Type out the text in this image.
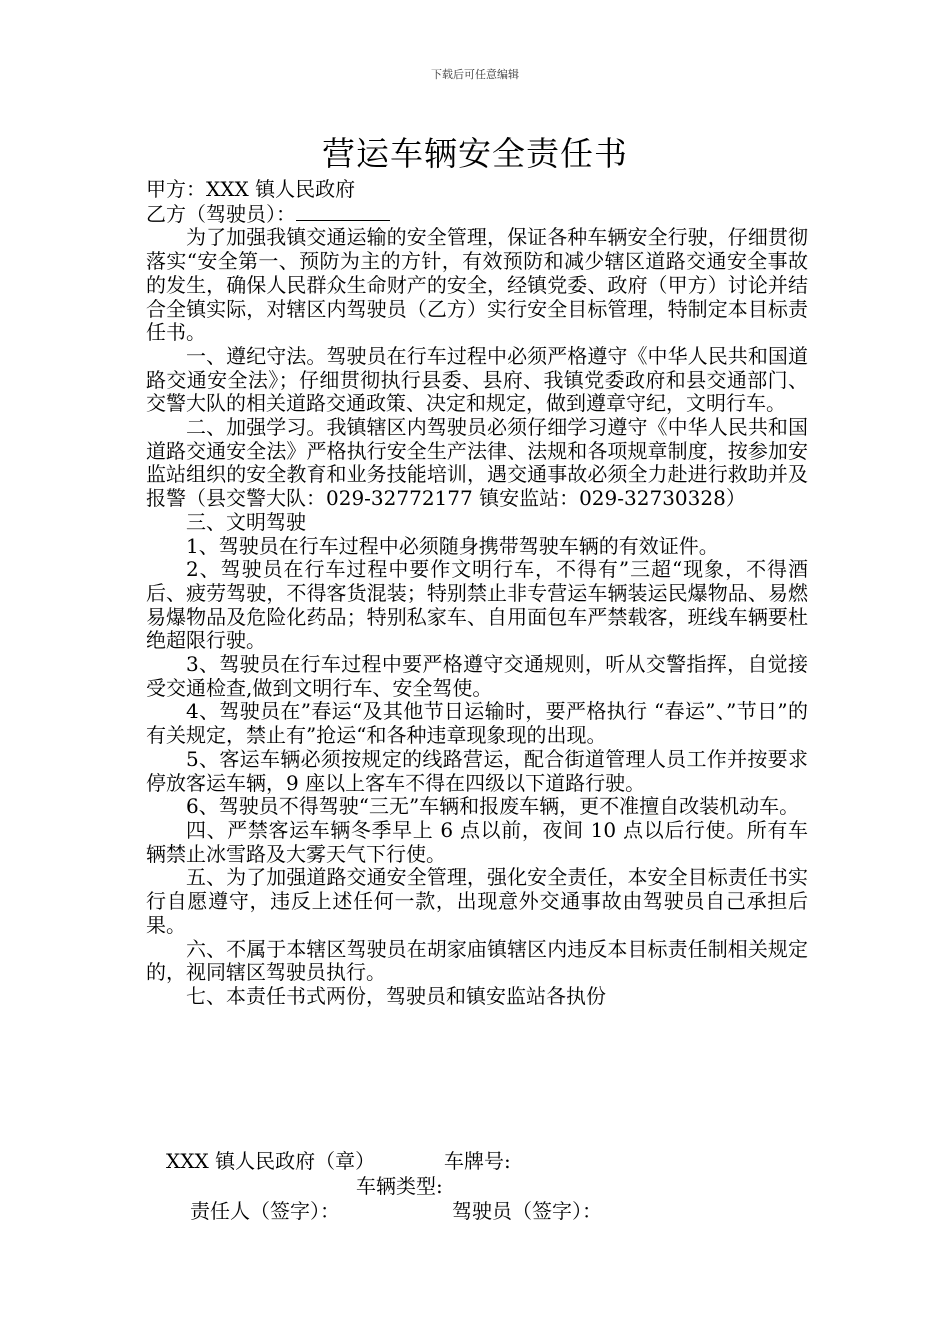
下载后可任意编辑
营运车辆安全责任书
甲方：XXX 镇人民政府
乙方（驾驶员）：

为了加强我镇交通运输的安全管理，保证各种车辆安全行驶，仔细贯彻落实“安全第一、预防为主的方针，有效预防和减少辖区道路交通安全事故的发生，确保人民群众生命财产的安全，经镇党委、政府（甲方）讨论并结合全镇实际，对辖区内驾驶员（乙方）实行安全目标管理，特制定本目标责任书。

一、遵纪守法。驾驶员在行车过程中必须严格遵守《中华人民共和国道路交通安全法》；仔细贯彻执行县委、县府、我镇党委政府和县交通部门、交警大队的相关道路交通政策、决定和规定，做到遵章守纪，文明行车。

二、加强学习。我镇辖区内驾驶员必须仔细学习遵守《中华人民共和国道路交通安全法》严格执行安全生产法律、法规和各项规章制度，按参加安监站组织的安全教育和业务技能培训，遇交通事故必须全力赴进行救助并及报警（县交警大队：029-32772177 镇安监站：029-32730328）

三、文明驾驶

1、驾驶员在行车过程中必须随身携带驾驶车辆的有效证件。

2、驾驶员在行车过程中要作文明行车，不得有”三超“现象，不得酒后、疲劳驾驶，不得客货混装；特别禁止非专营运车辆装运民爆物品、易燃易爆物品及危险化药品；特别私家车、自用面包车严禁载客，班线车辆要杜绝超限行驶。

3、驾驶员在行车过程中要严格遵守交通规则，听从交警指挥，自觉接受交通检查,做到文明行车、安全驾使。

4、驾驶员在”春运“及其他节日运输时，要严格执行 “春运”、”节日”的有关规定，禁止有”抢运“和各种违章现象现的出现。

5、客运车辆必须按规定的线路营运，配合街道管理人员工作并按要求停放客运车辆，9 座以上客车不得在四级以下道路行驶。

6、驾驶员不得驾驶“三无”车辆和报废车辆，更不准擅自改装机动车。

四、严禁客运车辆冬季早上 6 点以前，夜间 10 点以后行使。所有车辆禁止冰雪路及大雾天气下行使。

五、为了加强道路交通安全管理，强化安全责任，本安全目标责任书实行自愿遵守，违反上述任何一款，出现意外交通事故由驾驶员自己承担后果。

六、不属于本辖区驾驶员在胡家庙镇辖区内违反本目标责任制相关规定的，视同辖区驾驶员执行。

七、本责任书式两份，驾驶员和镇安监站各执份

XXX 镇人民政府（章）	车牌号:
车辆类型:
责任人（签字）：	驾驶员（签字）：
